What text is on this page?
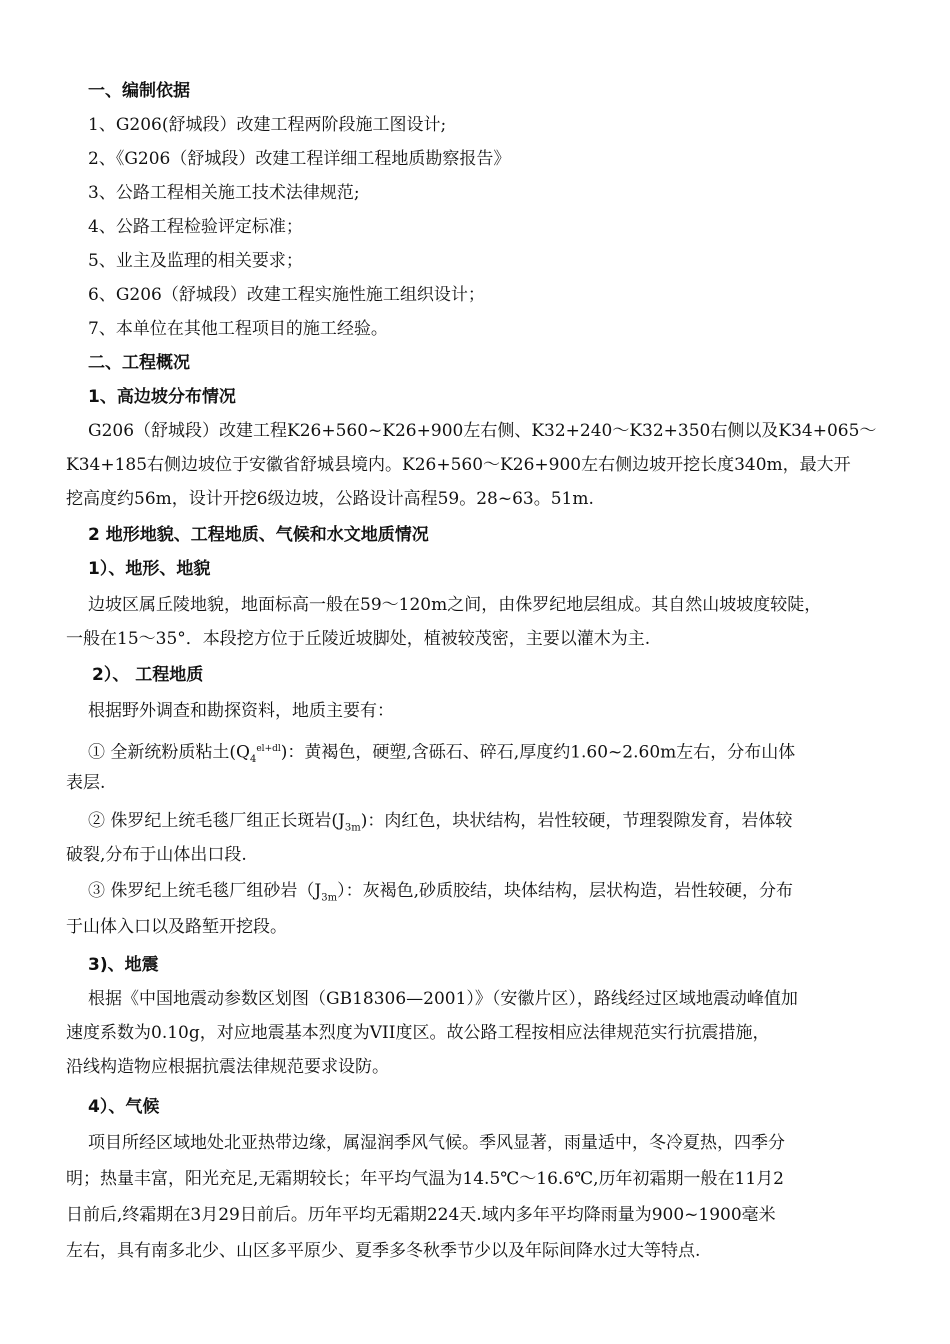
一、编制依据
1、G206(舒城段）改建工程两阶段施工图设计;
2、《G206（舒城段）改建工程详细工程地质勘察报告》
3、公路工程相关施工技术法律规范;
4、公路工程检验评定标准；
5、业主及监理的相关要求；
6、G206（舒城段）改建工程实施性施工组织设计；
7、本单位在其他工程项目的施工经验。
二、工程概况
1、高边坡分布情况
G206（舒城段）改建工程K26+560~K26+900左右侧、K32+240～K32+350右侧以及K34+065～
K34+185右侧边坡位于安徽省舒城县境内。K26+560～K26+900左右侧边坡开挖长度340m，最大开
挖高度约56m，设计开挖6级边坡，公路设计高程59。28~63。51m.
2 地形地貌、工程地质、气候和水文地质情况
1）、地形、地貌
边坡区属丘陵地貌，地面标高一般在59～120m之间，由侏罗纪地层组成。其自然山坡坡度较陡，
一般在15～35°．本段挖方位于丘陵近坡脚处，植被较茂密，主要以灌木为主.
2）、 工程地质
根据野外调查和勘探资料，地质主要有：
① 全新统粉质粘土$(Q_4^{el+dl})$：黄褐色，硬塑,含砾石、碎石,厚度约1.60~2.60m左右，分布山体
表层.
② 侏罗纪上统毛毯厂组正长斑岩$(J_{3m})$：肉红色，块状结构，岩性较硬，节理裂隙发育，岩体较
破裂,分布于山体出口段.
③ 侏罗纪上统毛毯厂组砂岩$(J_{3m})$：灰褐色,砂质胶结，块体结构，层状构造，岩性较硬，分布
于山体入口以及路堑开挖段。
3)、地震
根据《中国地震动参数区划图（GB18306—2001）》（安徽片区），路线经过区域地震动峰值加
速度系数为0.10g，对应地震基本烈度为VII度区。故公路工程按相应法律规范实行抗震措施，
沿线构造物应根据抗震法律规范要求设防。
4）、气候
项目所经区域地处北亚热带边缘，属湿润季风气候。季风显著，雨量适中，冬冷夏热，四季分
明；热量丰富，阳光充足,无霜期较长；年平均气温为14.5℃～16.6℃,历年初霜期一般在11月2
日前后,终霜期在3月29日前后。历年平均无霜期224天.域内多年平均降雨量为900~1900毫米
左右，具有南多北少、山区多平原少、夏季多冬秋季节少以及年际间降水过大等特点.
